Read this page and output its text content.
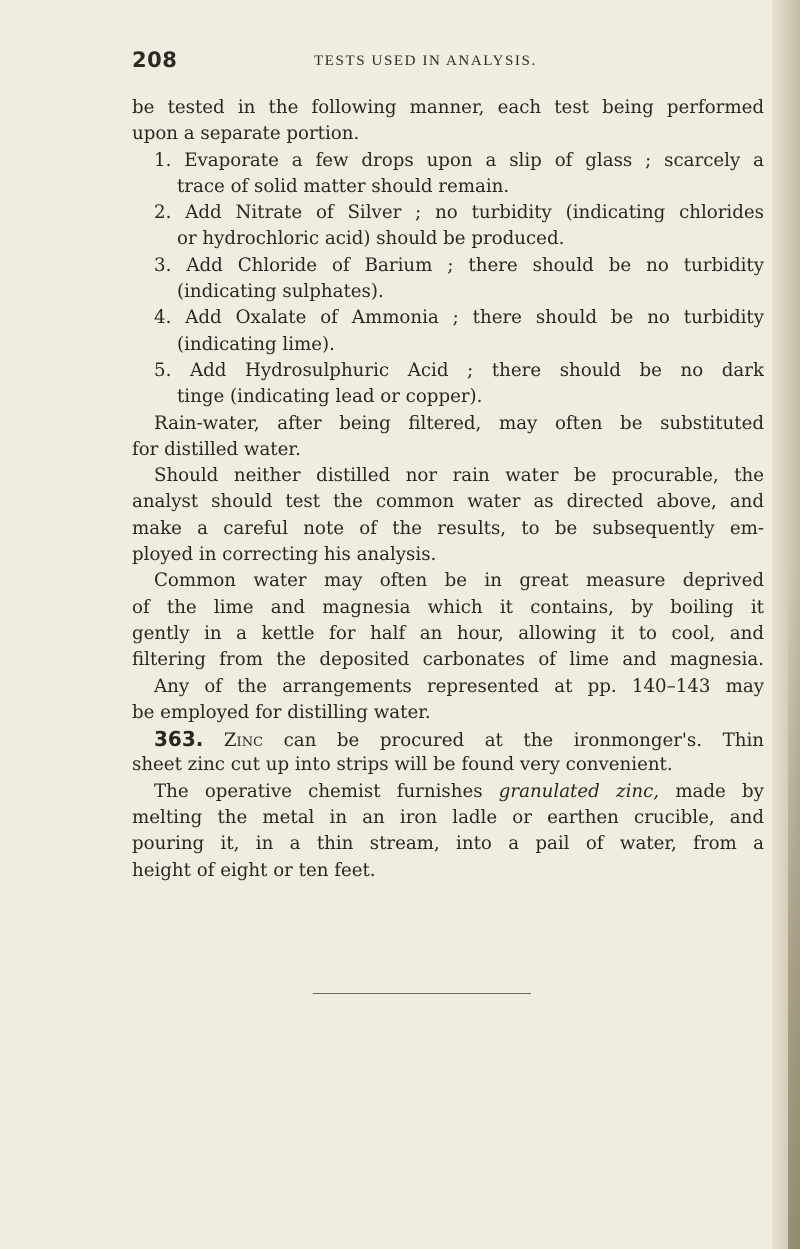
208	TESTS USED IN ANALYSIS.
be tested in the following manner, each test being performed
upon a separate portion.
1. Evaporate a few drops upon a slip of glass ; scarcely a
trace of solid matter should remain.
2. Add Nitrate of Silver ; no turbidity (indicating chlorides
or hydrochloric acid) should be produced.
3. Add Chloride of Barium ; there should be no turbidity
(indicating sulphates).
4. Add Oxalate of Ammonia ; there should be no turbidity
(indicating lime).
5. Add Hydrosulphuric Acid ; there should be no dark
tinge (indicating lead or copper).
Rain-water, after being filtered, may often be substituted
for distilled water.
Should neither distilled nor rain water be procurable, the
analyst should test the common water as directed above, and
make a careful note of the results, to be subsequently em-
ployed in correcting his analysis.
Common water may often be in great measure deprived
of the lime and magnesia which it contains, by boiling it
gently in a kettle for half an hour, allowing it to cool, and
filtering from the deposited carbonates of lime and magnesia.
Any of the arrangements represented at pp. 140–143 may
be employed for distilling water.
363. Zinc can be procured at the ironmonger's. Thin
sheet zinc cut up into strips will be found very convenient.
The operative chemist furnishes granulated zinc, made by
melting the metal in an iron ladle or earthen crucible, and
pouring it, in a thin stream, into a pail of water, from a
height of eight or ten feet.
